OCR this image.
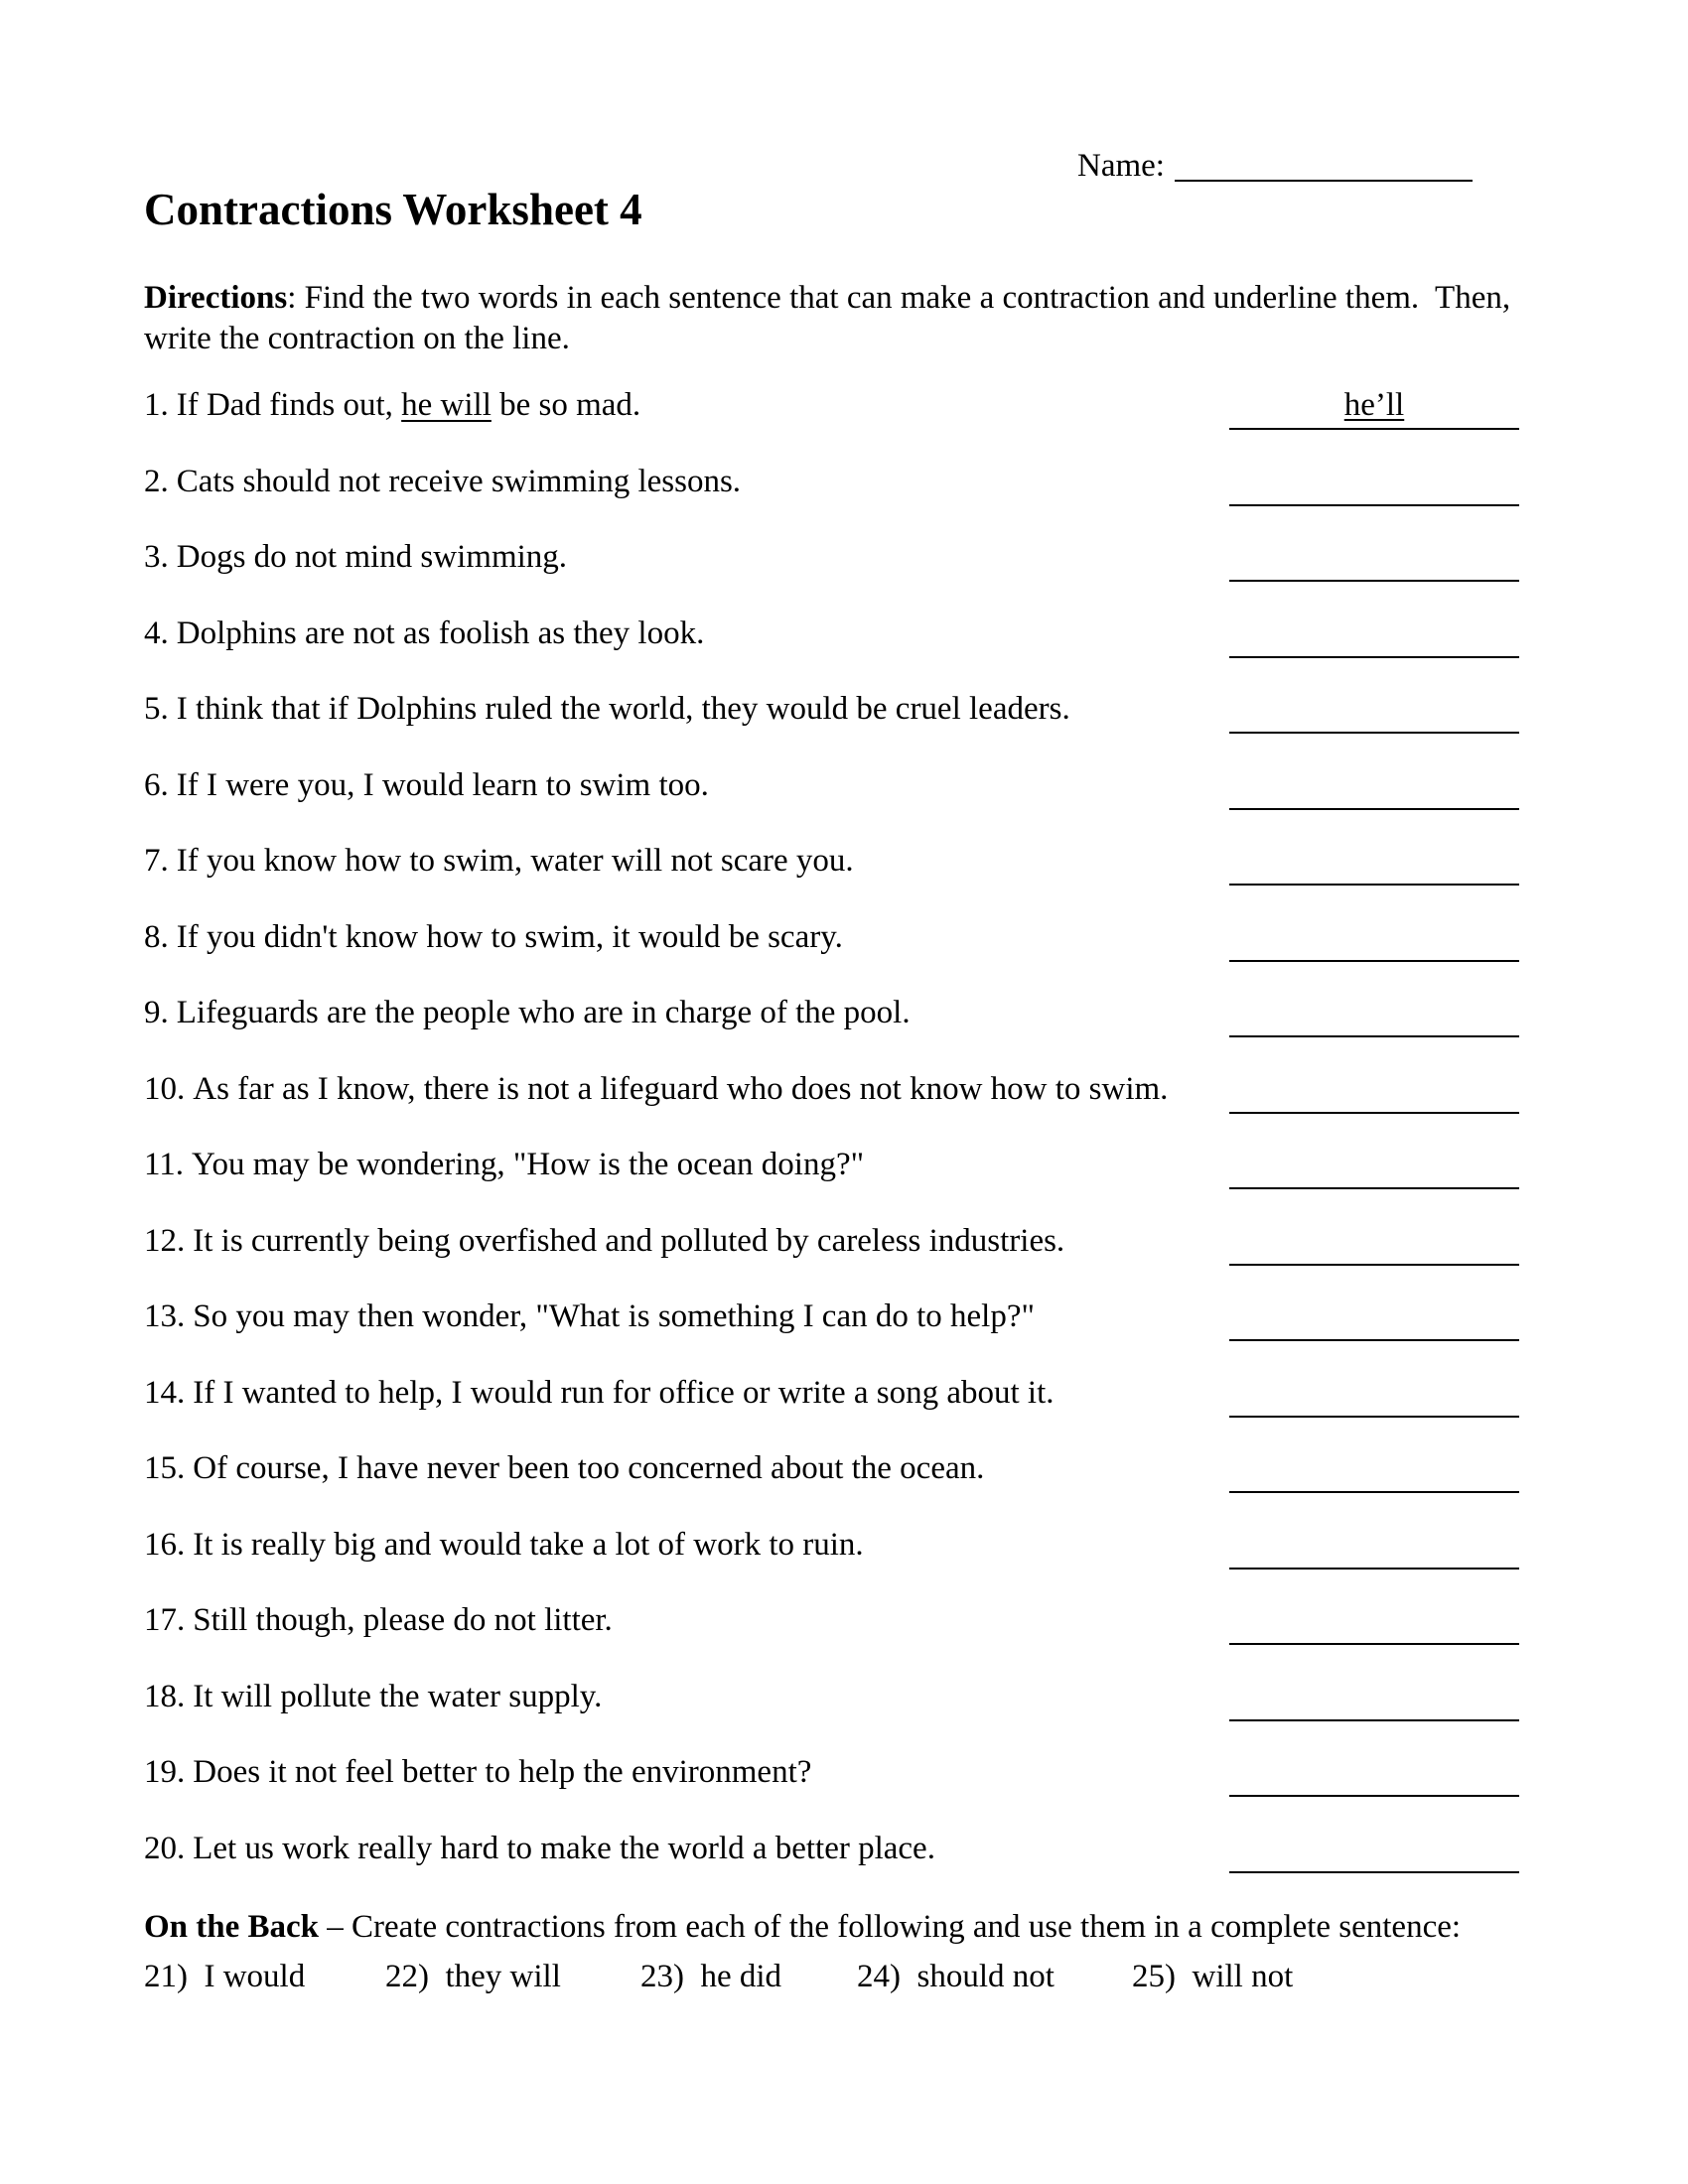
Name:
Contractions Worksheet 4

Directions: Find the two words in each sentence that can make a contraction and underline them.  Then, write the contraction on the line.

1. If Dad finds out, he will be so mad.	he’ll
2. Cats should not receive swimming lessons.
3. Dogs do not mind swimming.
4. Dolphins are not as foolish as they look.
5. I think that if Dolphins ruled the world, they would be cruel leaders.
6. If I were you, I would learn to swim too.
7. If you know how to swim, water will not scare you.
8. If you didn't know how to swim, it would be scary.
9. Lifeguards are the people who are in charge of the pool.
10. As far as I know, there is not a lifeguard who does not know how to swim.
11. You may be wondering, "How is the ocean doing?"
12. It is currently being overfished and polluted by careless industries.
13. So you may then wonder, "What is something I can do to help?"
14. If I wanted to help, I would run for office or write a song about it.
15. Of course, I have never been too concerned about the ocean.
16. It is really big and would take a lot of work to ruin.
17. Still though, please do not litter.
18. It will pollute the water supply.
19. Does it not feel better to help the environment?
20. Let us work really hard to make the world a better place.

On the Back – Create contractions from each of the following and use them in a complete sentence:

21)  I would	22)  they will	23)  he did	24)  should not	25)  will not
